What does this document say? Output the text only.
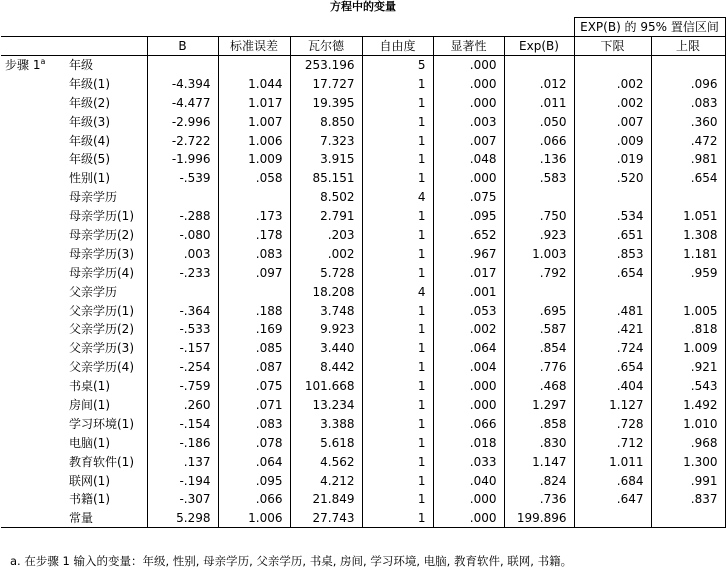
方程中的变量
								EXP(B) 的 95% 置信区间	
		B	标准误差	瓦尔德	自由度	显著性	Exp(B)	下限	上限
步骤 1$^a$	年级			253.196	5	.000			
	年级(1)	-4.394	1.044	17.727	1	.000	.012	.002	.096
	年级(2)	-4.477	1.017	19.395	1	.000	.011	.002	.083
	年级(3)	-2.996	1.007	8.850	1	.003	.050	.007	.360
	年级(4)	-2.722	1.006	7.323	1	.007	.066	.009	.472
	年级(5)	-1.996	1.009	3.915	1	.048	.136	.019	.981
	性别(1)	-.539	.058	85.151	1	.000	.583	.520	.654
	母亲学历			8.502	4	.075			
	母亲学历(1)	-.288	.173	2.791	1	.095	.750	.534	1.051
	母亲学历(2)	-.080	.178	.203	1	.652	.923	.651	1.308
	母亲学历(3)	.003	.083	.002	1	.967	1.003	.853	1.181
	母亲学历(4)	-.233	.097	5.728	1	.017	.792	.654	.959
	父亲学历			18.208	4	.001			
	父亲学历(1)	-.364	.188	3.748	1	.053	.695	.481	1.005
	父亲学历(2)	-.533	.169	9.923	1	.002	.587	.421	.818
	父亲学历(3)	-.157	.085	3.440	1	.064	.854	.724	1.009
	父亲学历(4)	-.254	.087	8.442	1	.004	.776	.654	.921
	书桌(1)	-.759	.075	101.668	1	.000	.468	.404	.543
	房间(1)	.260	.071	13.234	1	.000	1.297	1.127	1.492
	学习环境(1)	-.154	.083	3.388	1	.066	.858	.728	1.010
	电脑(1)	-.186	.078	5.618	1	.018	.830	.712	.968
	教育软件(1)	.137	.064	4.562	1	.033	1.147	1.011	1.300
	联网(1)	-.194	.095	4.212	1	.040	.824	.684	.991
	书籍(1)	-.307	.066	21.849	1	.000	.736	.647	.837
	常量	5.298	1.006	27.743	1	.000	199.896		
a. 在步骤 1 输入的变量：年级, 性别, 母亲学历, 父亲学历, 书桌, 房间, 学习环境, 电脑, 教育软件, 联网, 书籍。
